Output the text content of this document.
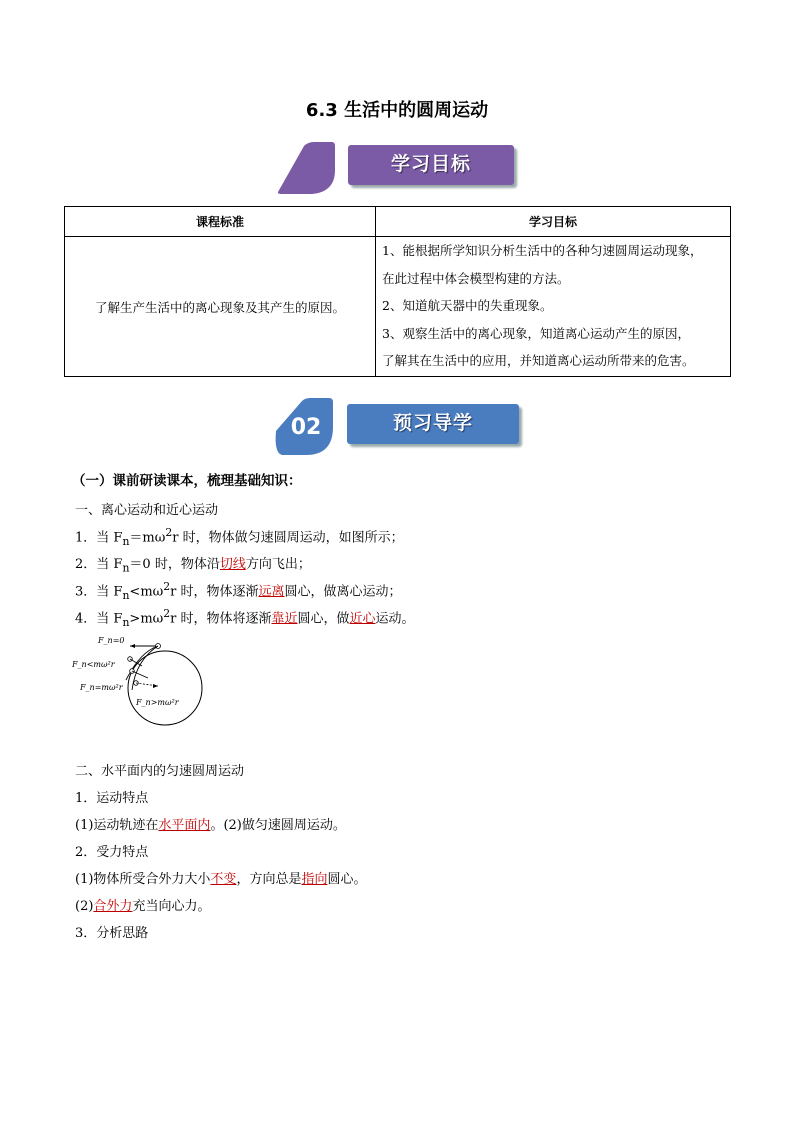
6.3 生活中的圆周运动
学习目标
课程标准	学习目标
了解生产生活中的离心现象及其产生的原因。	1、能根据所学知识分析生活中的各种匀速圆周运动现象，
在此过程中体会模型构建的方法。
2、知道航天器中的失重现象。
3、观察生活中的离心现象，知道离心运动产生的原因，
了解其在生活中的应用，并知道离心运动所带来的危害。
02	预习导学
（一）课前研读课本，梳理基础知识：
一、离心运动和近心运动
1．当 $F_n=m\omega^2r$ 时，物体做匀速圆周运动，如图所示；
2．当 $F_n=0$ 时，物体沿切线方向飞出；
3．当 $F_n<m\omega^2r$ 时，物体逐渐远离圆心，做离心运动；
4．当 $F_n>m\omega^2r$ 时，物体将逐渐靠近圆心，做近心运动。
F_n=0
F_n<mω²r
F_n=mω²r
F_n>mω²r
二、水平面内的匀速圆周运动
1．运动特点
(1)运动轨迹在水平面内。(2)做匀速圆周运动。
2．受力特点
(1)物体所受合外力大小不变，方向总是指向圆心。
(2)合外力充当向心力。
3．分析思路
